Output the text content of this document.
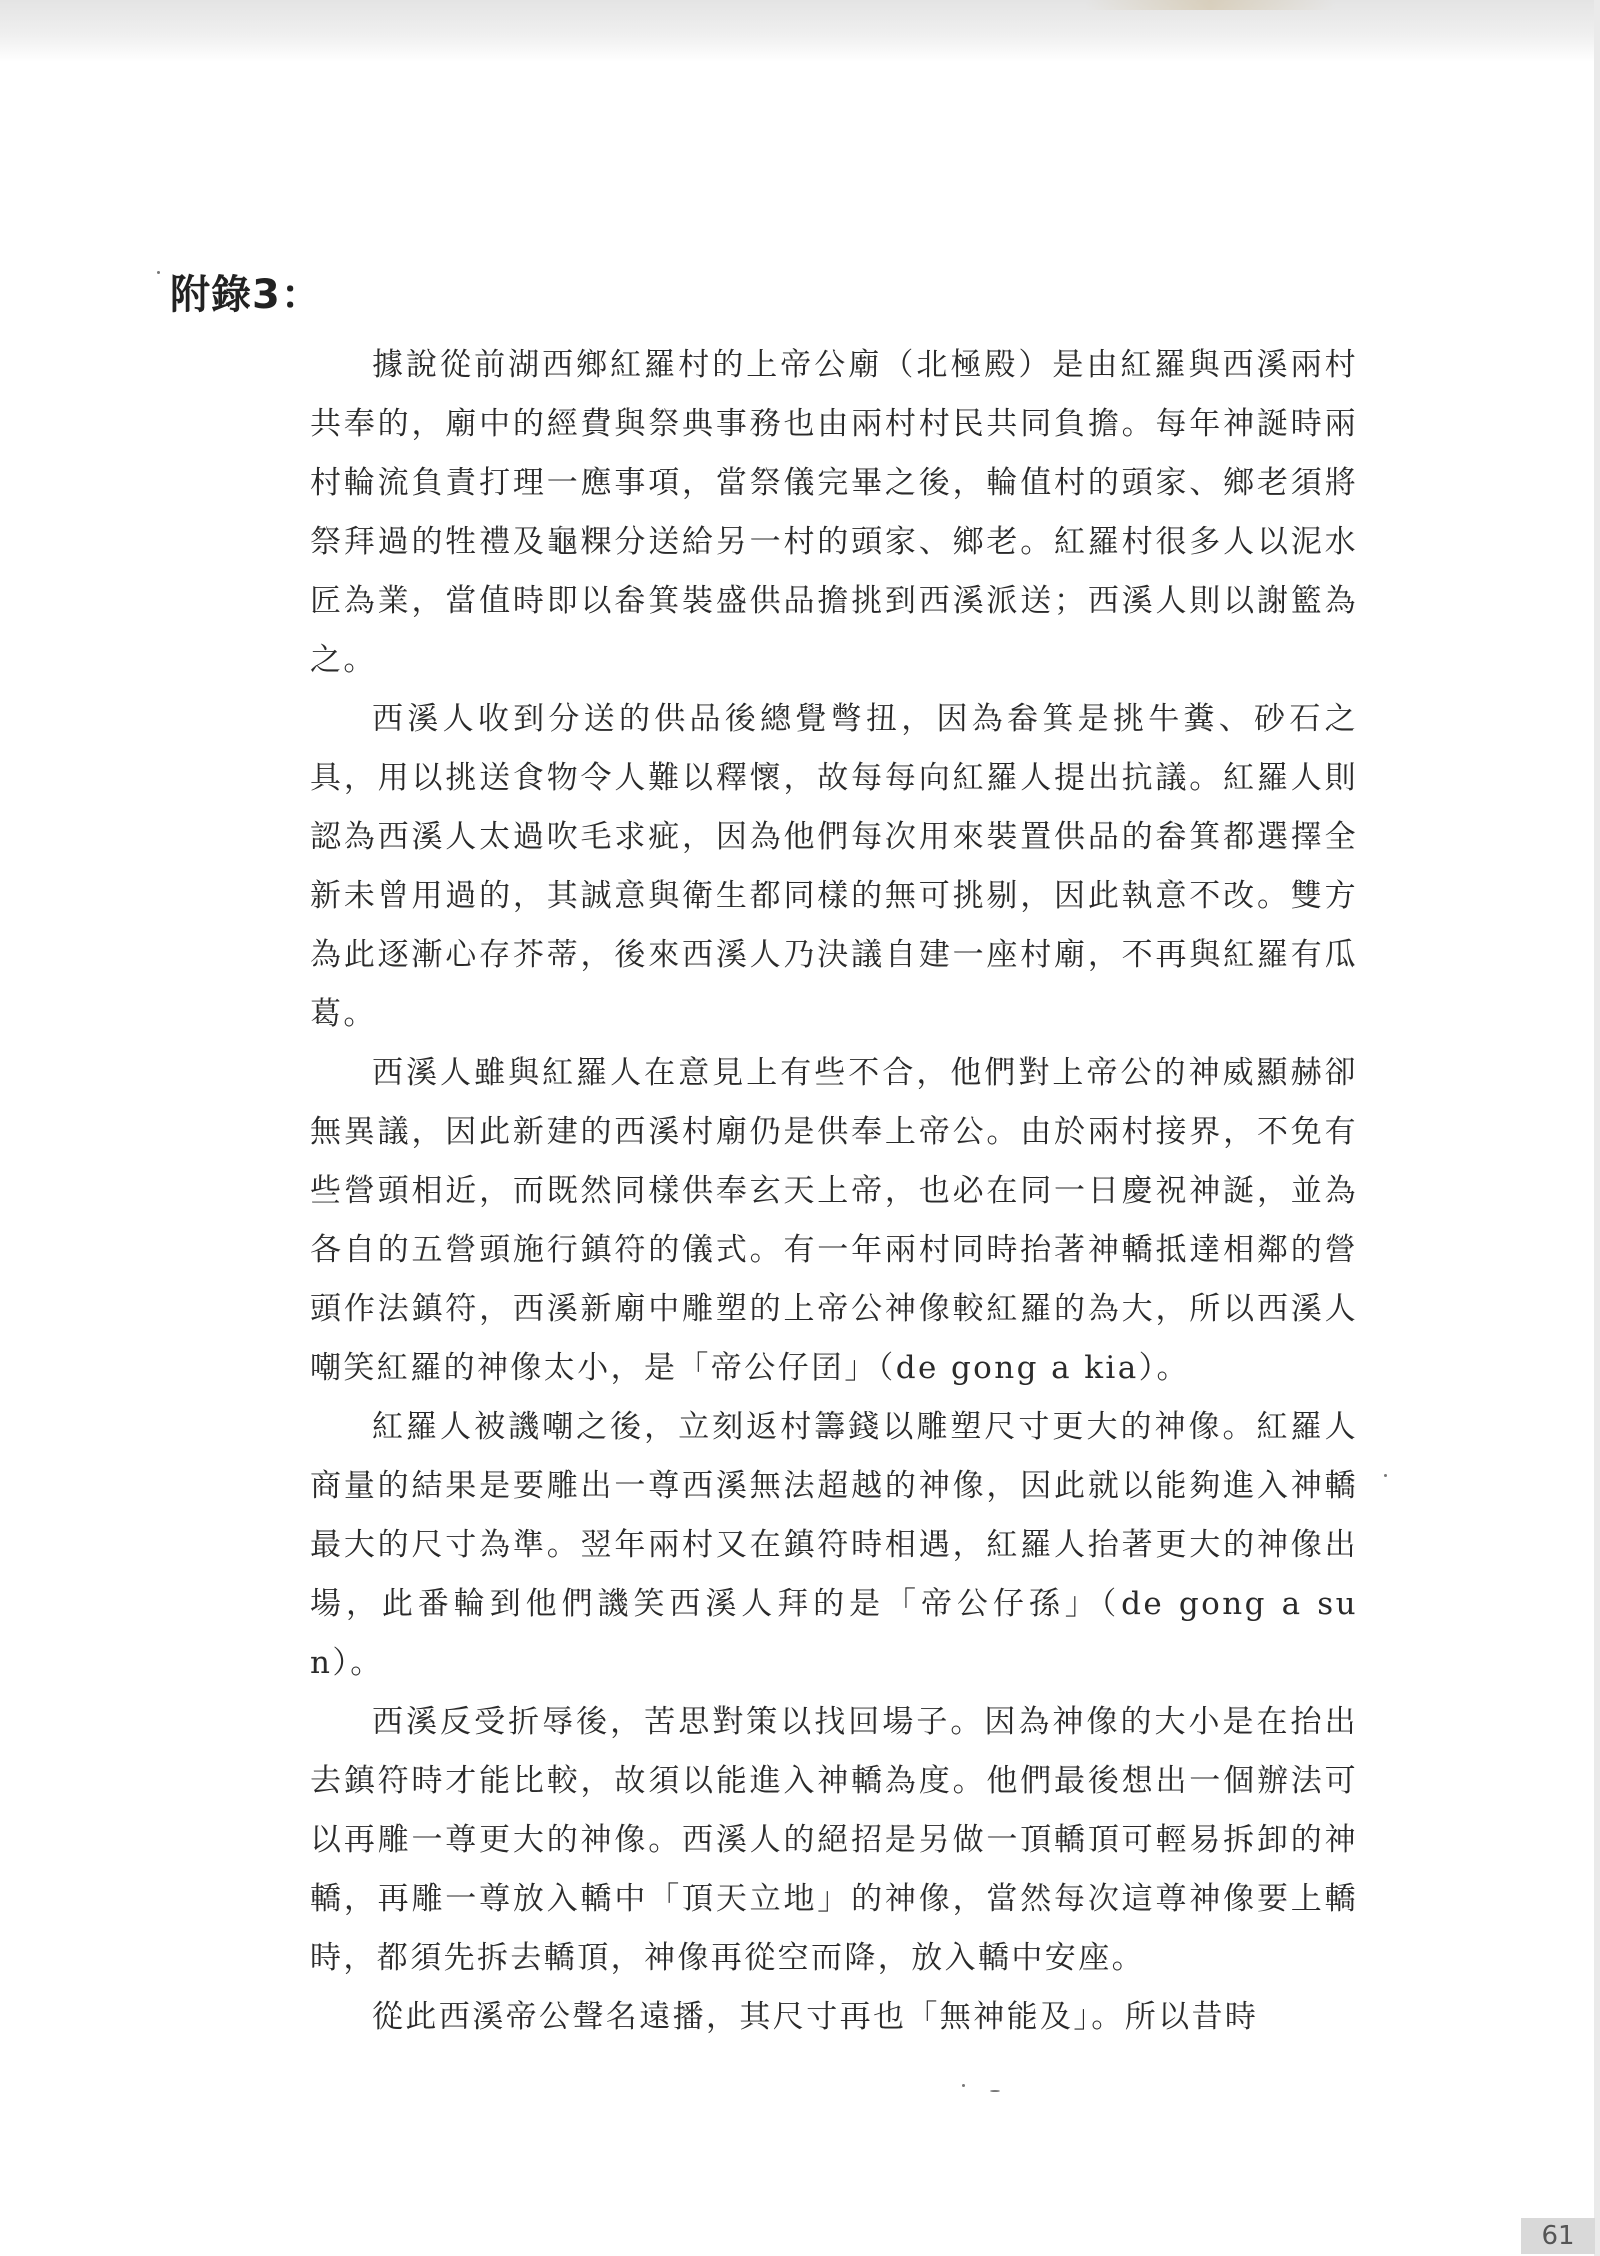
附錄3：

據說從前湖西鄉紅羅村的上帝公廟（北極殿）是由紅羅與西溪兩村共奉的，廟中的經費與祭典事務也由兩村村民共同負擔。每年神誕時兩村輪流負責打理一應事項，當祭儀完畢之後，輪值村的頭家、鄉老須將祭拜過的牲禮及龜粿分送給另一村的頭家、鄉老。紅羅村很多人以泥水匠為業，當值時即以畚箕裝盛供品擔挑到西溪派送；西溪人則以謝籃為之。

西溪人收到分送的供品後總覺彆扭，因為畚箕是挑牛糞、砂石之具，用以挑送食物令人難以釋懷，故每每向紅羅人提出抗議。紅羅人則認為西溪人太過吹毛求疵，因為他們每次用來裝置供品的畚箕都選擇全新未曾用過的，其誠意與衛生都同樣的無可挑剔，因此執意不改。雙方為此逐漸心存芥蒂，後來西溪人乃決議自建一座村廟，不再與紅羅有瓜葛。

西溪人雖與紅羅人在意見上有些不合，他們對上帝公的神威顯赫卻無異議，因此新建的西溪村廟仍是供奉上帝公。由於兩村接界，不免有些營頭相近，而既然同樣供奉玄天上帝，也必在同一日慶祝神誕，並為各自的五營頭施行鎮符的儀式。有一年兩村同時抬著神轎抵達相鄰的營頭作法鎮符，西溪新廟中雕塑的上帝公神像較紅羅的為大，所以西溪人嘲笑紅羅的神像太小，是「帝公仔囝」（de gong a kia）。

紅羅人被譏嘲之後，立刻返村籌錢以雕塑尺寸更大的神像。紅羅人商量的結果是要雕出一尊西溪無法超越的神像，因此就以能夠進入神轎最大的尺寸為準。翌年兩村又在鎮符時相遇，紅羅人抬著更大的神像出場，此番輪到他們譏笑西溪人拜的是「帝公仔孫」（de gong a sun）。

西溪反受折辱後，苦思對策以找回場子。因為神像的大小是在抬出去鎮符時才能比較，故須以能進入神轎為度。他們最後想出一個辦法可以再雕一尊更大的神像。西溪人的絕招是另做一頂轎頂可輕易拆卸的神轎，再雕一尊放入轎中「頂天立地」的神像，當然每次這尊神像要上轎時，都須先拆去轎頂，神像再從空而降，放入轎中安座。

從此西溪帝公聲名遠播，其尺寸再也「無神能及」。所以昔時

61
